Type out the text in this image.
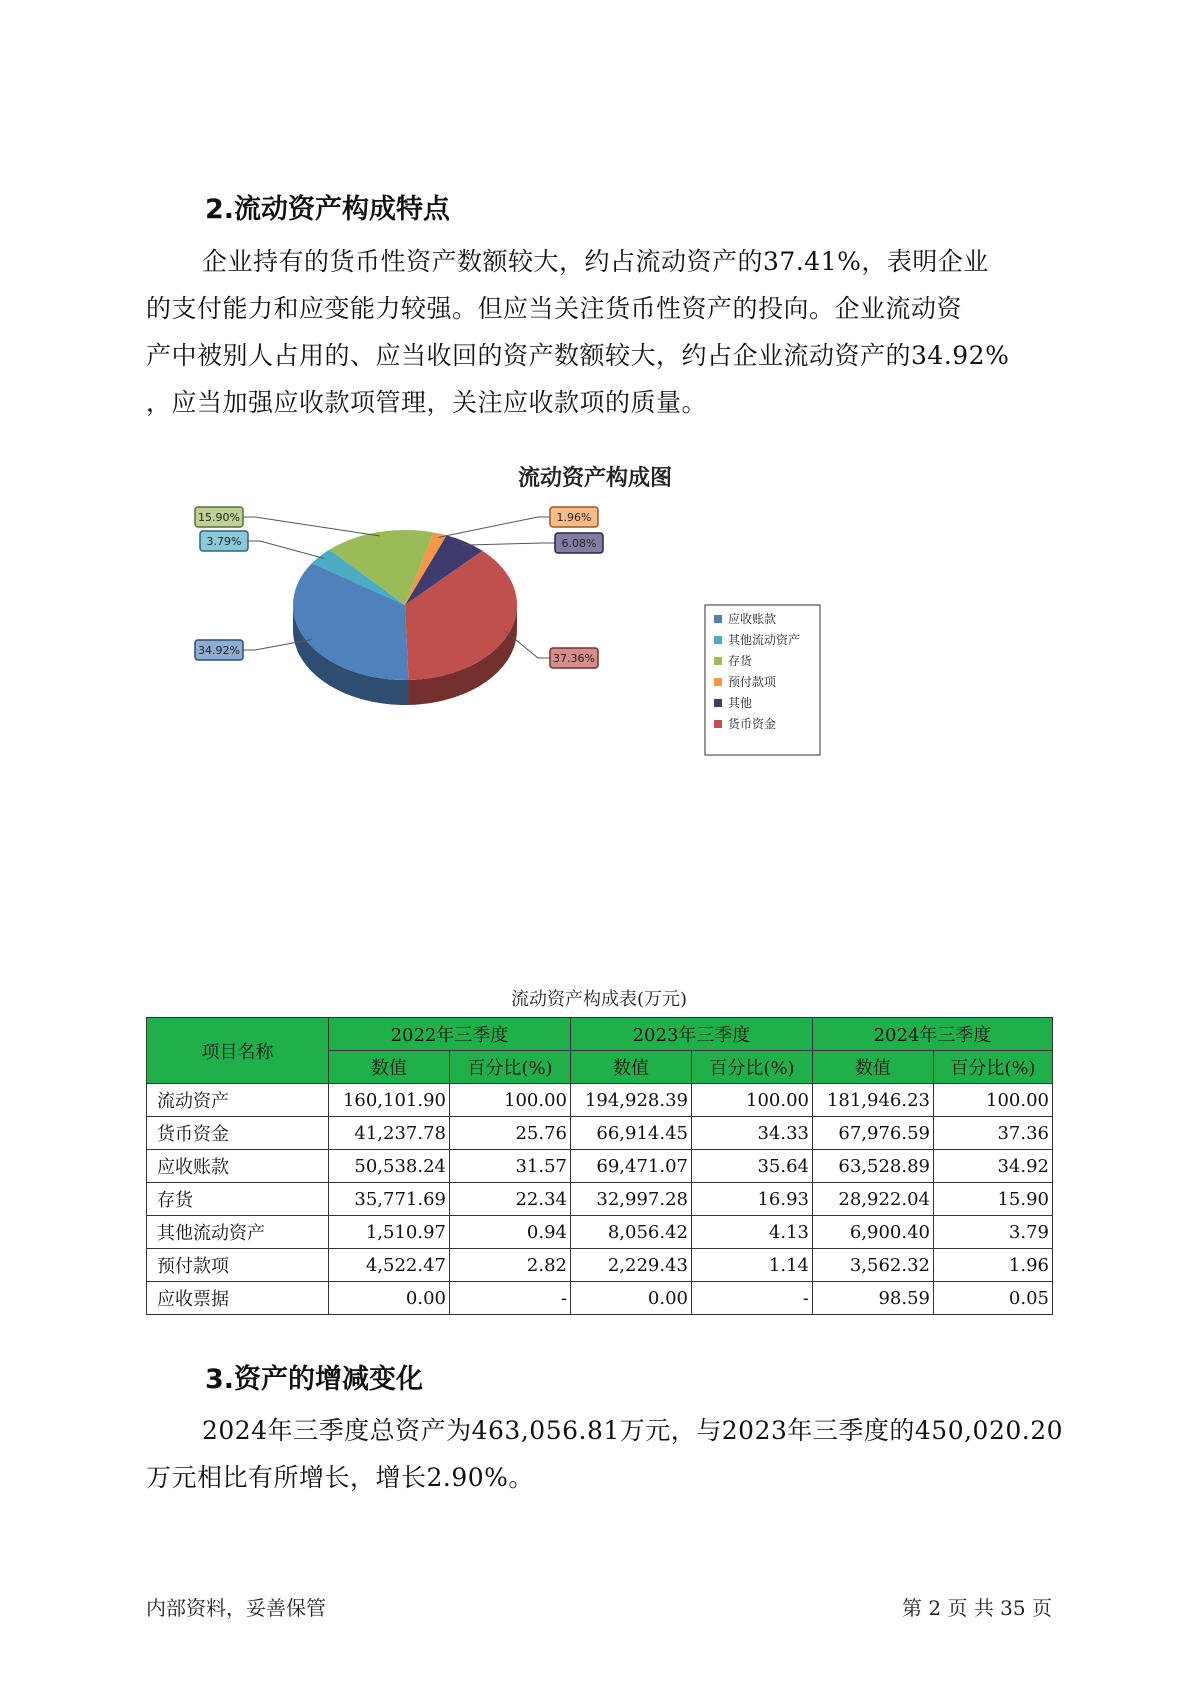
2.流动资产构成特点

企业持有的货币性资产数额较大，约占流动资产的37.41%，表明企业
的支付能力和应变能力较强。但应当关注货币性资产的投向。企业流动资
产中被别人占用的、应当收回的资产数额较大，约占企业流动资产的34.92%
，应当加强应收款项管理，关注应收款项的质量。

流动资产构成图
34.92%
3.79%
15.90%	1.96%
6.08%
37.36%
应收账款
其他流动资产
存货
预付款项
其他
货币资金
流动资产构成表(万元)
项目名称	2022年三季度		2023年三季度		2024年三季度	
	数值	百分比(%)	数值	百分比(%)	数值	百分比(%)
流动资产	160,101.90	100.00	194,928.39	100.00	181,946.23	100.00
货币资金	41,237.78	25.76	66,914.45	34.33	67,976.59	37.36
应收账款	50,538.24	31.57	69,471.07	35.64	63,528.89	34.92
存货	35,771.69	22.34	32,997.28	16.93	28,922.04	15.90
其他流动资产	1,510.97	0.94	8,056.42	4.13	6,900.40	3.79
预付款项	4,522.47	2.82	2,229.43	1.14	3,562.32	1.96
应收票据	0.00	-	0.00	-	98.59	0.05
3.资产的增减变化

2024年三季度总资产为463,056.81万元，与2023年三季度的450,020.20
万元相比有所增长，增长2.90%。

内部资料，妥善保管	第 2 页 共 35 页
